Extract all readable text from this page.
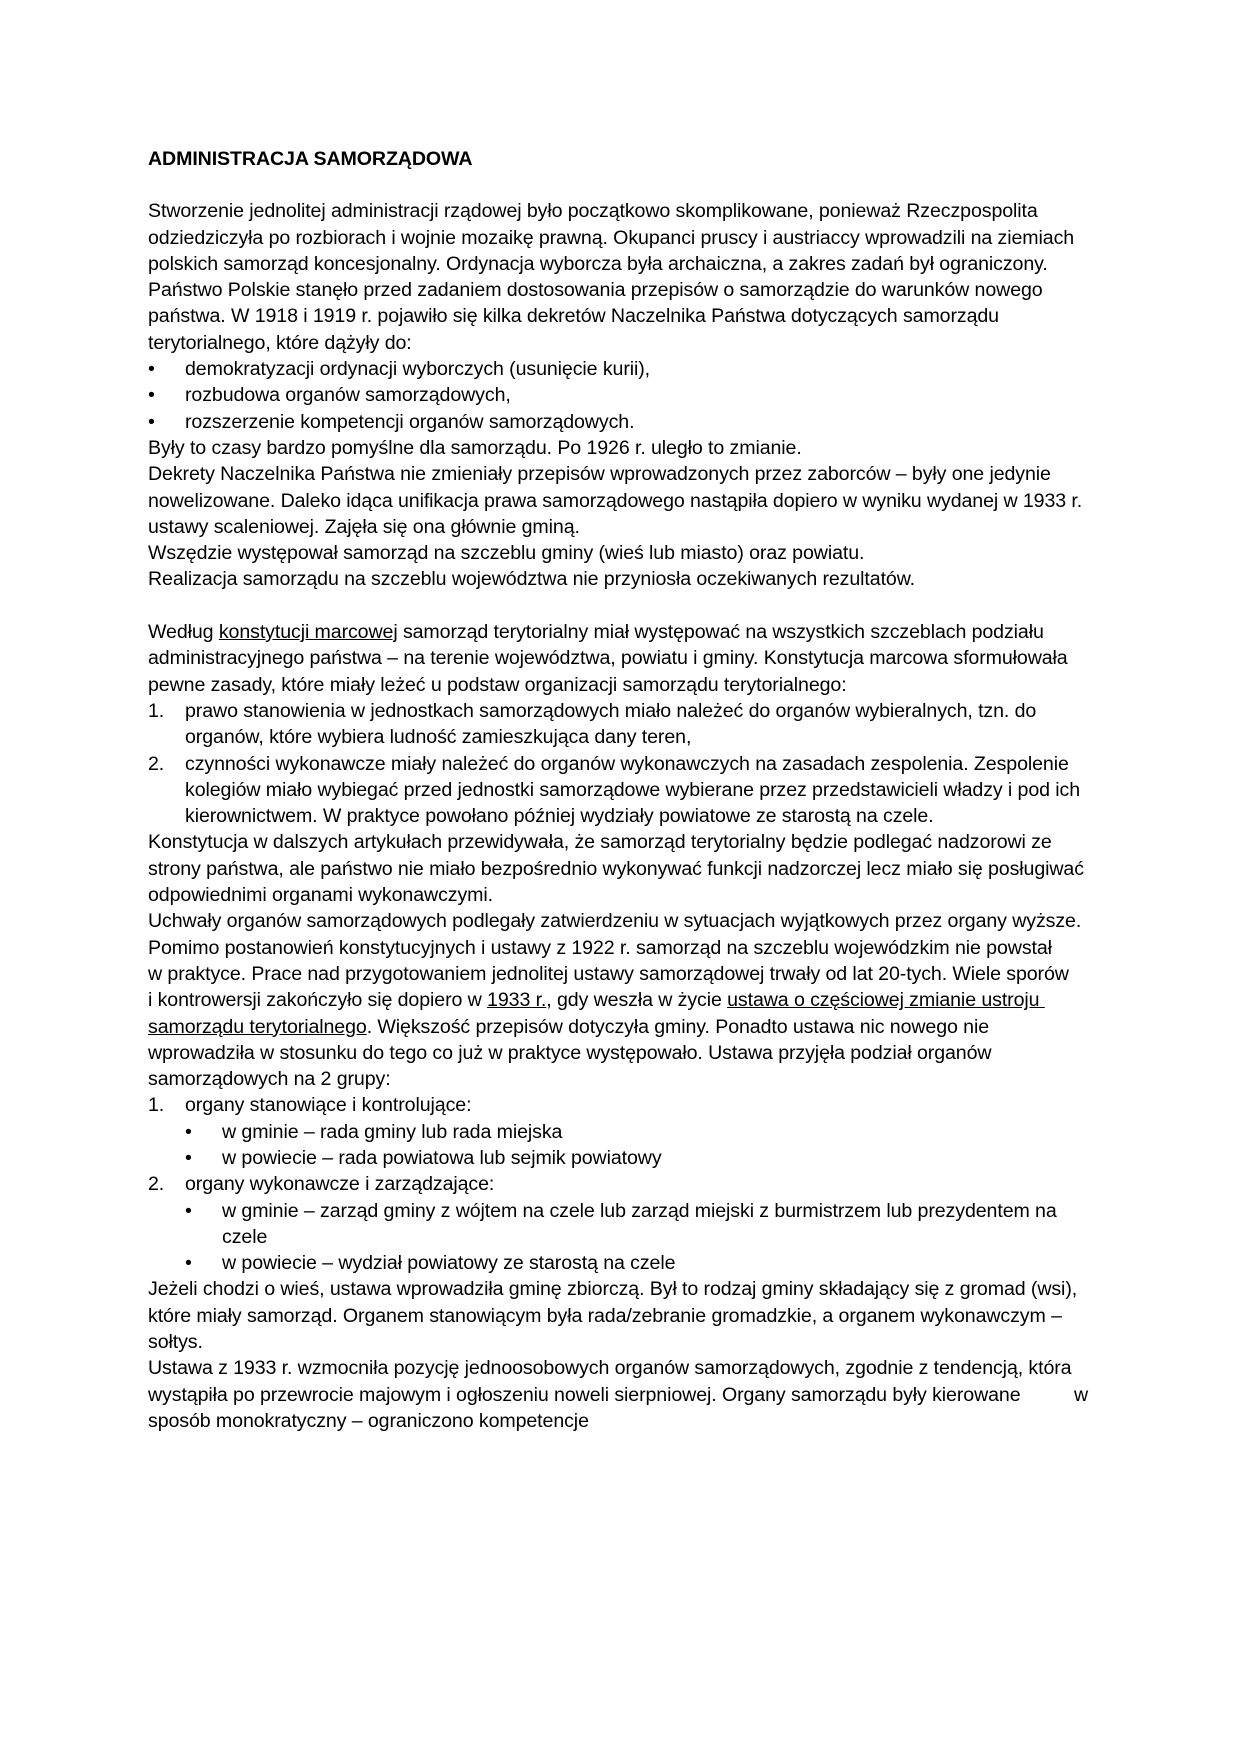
ADMINISTRACJA SAMORZĄDOWA

Stworzenie jednolitej administracji rządowej było początkowo skomplikowane, ponieważ Rzeczpospolita odziedziczyła po rozbiorach i wojnie mozaikę prawną. Okupanci pruscy i austriaccy wprowadzili na ziemiach polskich samorząd koncesjonalny. Ordynacja wyborcza była archaiczna, a zakres zadań był ograniczony. Państwo Polskie stanęło przed zadaniem dostosowania przepisów o samorządzie do warunków nowego państwa. W 1918 i 1919 r. pojawiło się kilka dekretów Naczelnika Państwa dotyczących samorządu terytorialnego, które dążyły do:

• demokratyzacji ordynacji wyborczych (usunięcie kurii),
• rozbudowa organów samorządowych,
• rozszerzenie kompetencji organów samorządowych.

Były to czasy bardzo pomyślne dla samorządu. Po 1926 r. uległo to zmianie.

Dekrety Naczelnika Państwa nie zmieniały przepisów wprowadzonych przez zaborców – były one jedynie nowelizowane. Daleko idąca unifikacja prawa samorządowego nastąpiła dopiero w wyniku wydanej w 1933 r. ustawy scaleniowej. Zajęła się ona głównie gminą.

Wszędzie występował samorząd na szczeblu gminy (wieś lub miasto) oraz powiatu.

Realizacja samorządu na szczeblu województwa nie przyniosła oczekiwanych rezultatów.

Według konstytucji marcowej samorząd terytorialny miał występować na wszystkich szczeblach podziału administracyjnego państwa – na terenie województwa, powiatu i gminy. Konstytucja marcowa sformułowała pewne zasady, które miały leżeć u podstaw organizacji samorządu terytorialnego:

1. prawo stanowienia w jednostkach samorządowych miało należeć do organów wybieralnych, tzn. do organów, które wybiera ludność zamieszkująca dany teren,
2. czynności wykonawcze miały należeć do organów wykonawczych na zasadach zespolenia. Zespolenie kolegiów miało wybiegać przed jednostki samorządowe wybierane przez przedstawicieli władzy i pod ich kierownictwem. W praktyce powołano później wydziały powiatowe ze starostą na czele.

Konstytucja w dalszych artykułach przewidywała, że samorząd terytorialny będzie podlegać nadzorowi ze strony państwa, ale państwo nie miało bezpośrednio wykonywać funkcji nadzorczej lecz miało się posługiwać odpowiednimi organami wykonawczymi.

Uchwały organów samorządowych podlegały zatwierdzeniu w sytuacjach wyjątkowych przez organy wyższe.

Pomimo postanowień konstytucyjnych i ustawy z 1922 r. samorząd na szczeblu wojewódzkim nie powstał      w praktyce. Prace nad przygotowaniem jednolitej ustawy samorządowej trwały od lat 20-tych. Wiele sporów      i kontrowersji zakończyło się dopiero w 1933 r., gdy weszła w życie ustawa o częściowej zmianie ustroju samorządu terytorialnego. Większość przepisów dotyczyła gminy. Ponadto ustawa nic nowego nie wprowadziła w stosunku do tego co już w praktyce występowało. Ustawa przyjęła podział organów samorządowych na 2 grupy:

1. organy stanowiące i kontrolujące:
• w gminie – rada gminy lub rada miejska
• w powiecie – rada powiatowa lub sejmik powiatowy
2. organy wykonawcze i zarządzające:
• w gminie – zarząd gminy z wójtem na czele lub zarząd miejski z burmistrzem lub prezydentem na czele
• w powiecie – wydział powiatowy ze starostą na czele

Jeżeli chodzi o wieś, ustawa wprowadziła gminę zbiorczą. Był to rodzaj gminy składający się z gromad (wsi), które miały samorząd. Organem stanowiącym była rada/zebranie gromadzkie, a organem wykonawczym – sołtys.

Ustawa z 1933 r. wzmocniła pozycję jednoosobowych organów samorządowych, zgodnie z tendencją, która wystąpiła po przewrocie majowym i ogłoszeniu noweli sierpniowej. Organy samorządu były kierowane          w sposób monokratyczny – ograniczono kompetencje
